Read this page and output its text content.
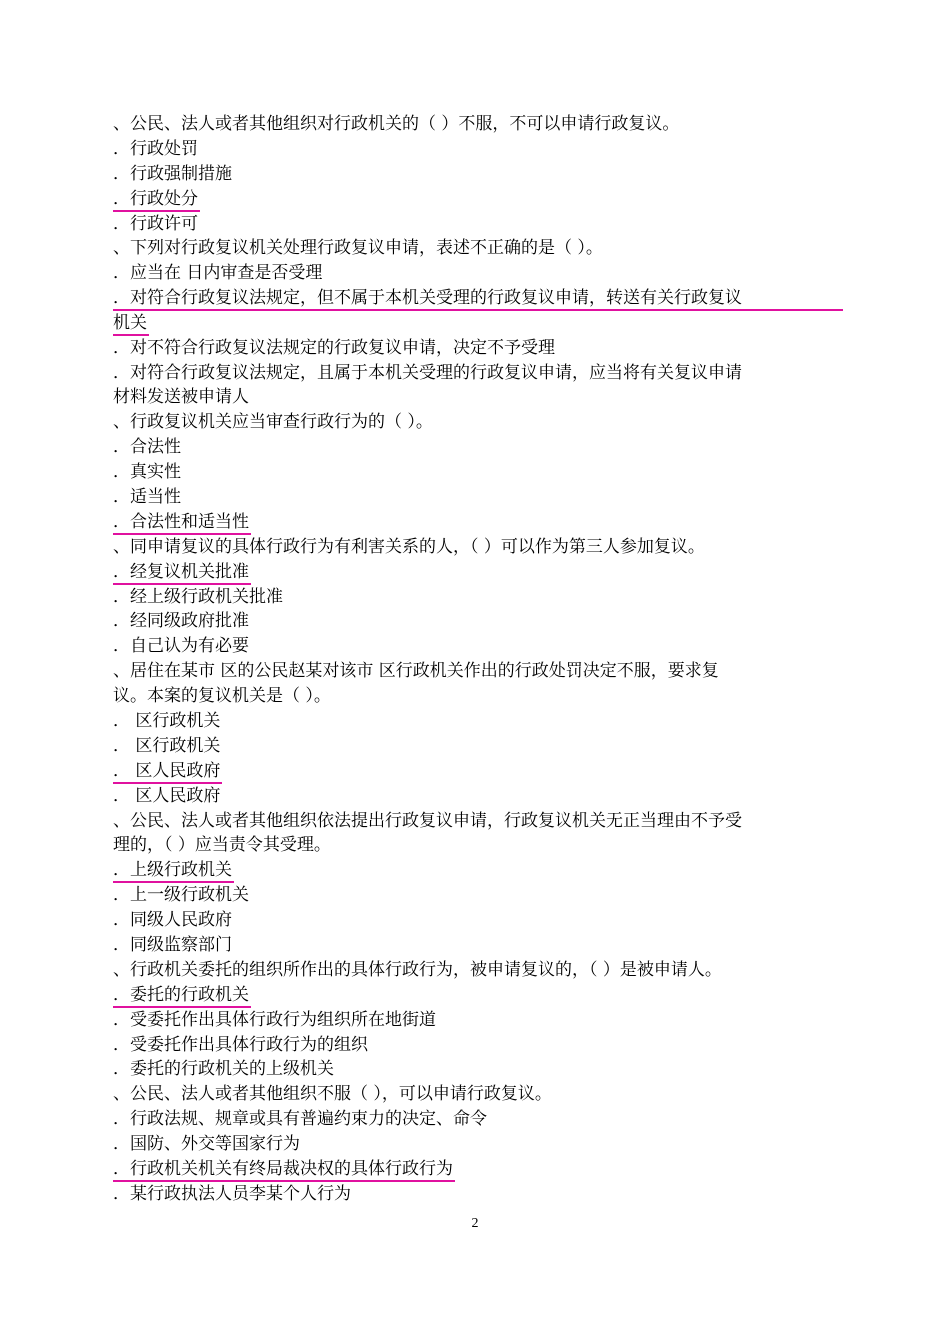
、公民、法人或者其他组织对行政机关的（ ）不服，不可以申请行政复议。
．行政处罚
．行政强制措施
．行政处分
．行政许可
、下列对行政复议机关处理行政复议申请，表述不正确的是（ ）。
．应当在 日内审查是否受理
．对符合行政复议法规定，但不属于本机关受理的行政复议申请，转送有关行政复议
机关
．对不符合行政复议法规定的行政复议申请，决定不予受理
．对符合行政复议法规定，且属于本机关受理的行政复议申请，应当将有关复议申请
材料发送被申请人
、行政复议机关应当审查行政行为的（ ）。
．合法性
．真实性
．适当性
．合法性和适当性
、同申请复议的具体行政行为有利害关系的人，（ ）可以作为第三人参加复议。
．经复议机关批准
．经上级行政机关批准
．经同级政府批准
．自己认为有必要
、居住在某市 区的公民赵某对该市 区行政机关作出的行政处罚决定不服，要求复
议。本案的复议机关是（ ）。
． 区行政机关
． 区行政机关
． 区人民政府
． 区人民政府
、公民、法人或者其他组织依法提出行政复议申请，行政复议机关无正当理由不予受
理的，（ ）应当责令其受理。
．上级行政机关
．上一级行政机关
．同级人民政府
．同级监察部门
、行政机关委托的组织所作出的具体行政行为，被申请复议的，（ ）是被申请人。
．委托的行政机关
．受委托作出具体行政行为组织所在地街道
．受委托作出具体行政行为的组织
．委托的行政机关的上级机关
、公民、法人或者其他组织不服（ ），可以申请行政复议。
．行政法规、规章或具有普遍约束力的决定、命令
．国防、外交等国家行为
．行政机关机关有终局裁决权的具体行政行为
．某行政执法人员李某个人行为
2
